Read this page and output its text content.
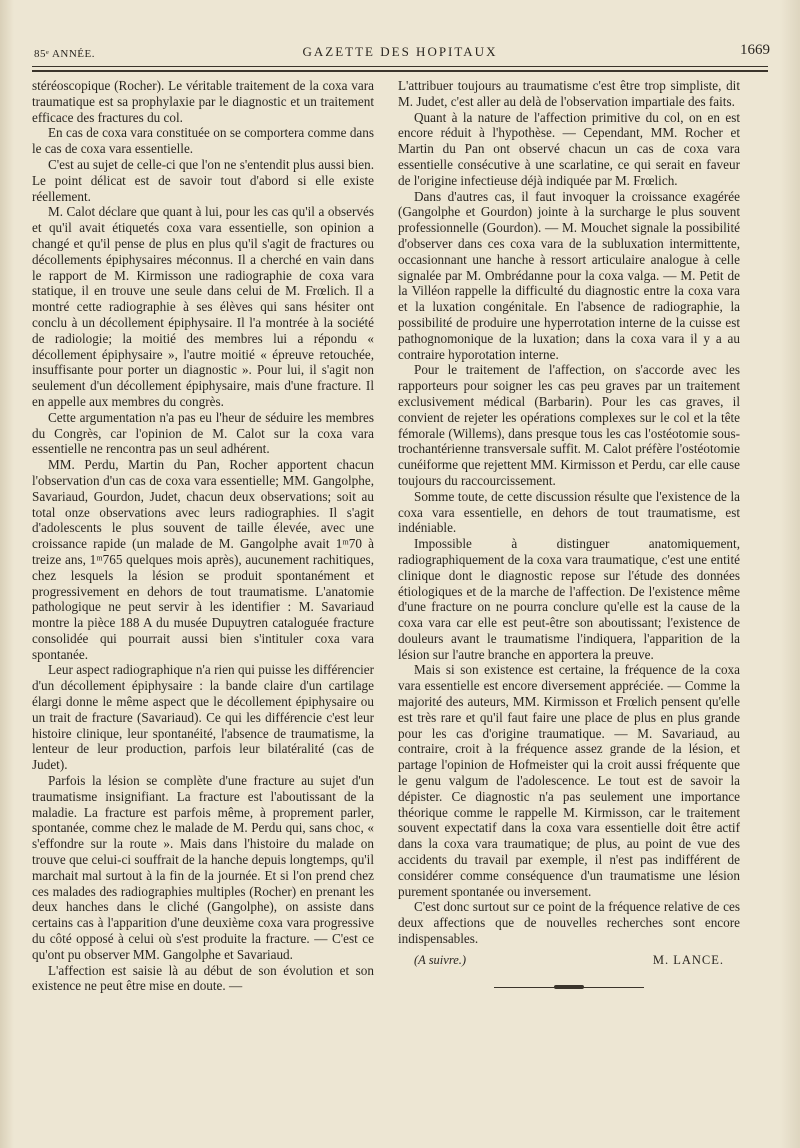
85ᵉ ANNÉE.	GAZETTE DES HOPITAUX	1669

stéréoscopique (Rocher). Le véritable traitement de la coxa vara traumatique est sa prophylaxie par le diagnostic et un traitement efficace des fractures du col.

En cas de coxa vara constituée on se comportera comme dans le cas de coxa vara essentielle.

C'est au sujet de celle-ci que l'on ne s'entendit plus aussi bien. Le point délicat est de savoir tout d'abord si elle existe réellement.

M. Calot déclare que quant à lui, pour les cas qu'il a observés et qu'il avait étiquetés coxa vara essentielle, son opinion a changé et qu'il pense de plus en plus qu'il s'agit de fractures ou décollements épiphysaires méconnus. Il a cherché en vain dans le rapport de M. Kirmisson une radiographie de coxa vara statique, il en trouve une seule dans celui de M. Frœlich. Il a montré cette radiographie à ses élèves qui sans hésiter ont conclu à un décollement épiphysaire. Il l'a montrée à la société de radiologie; la moitié des membres lui a répondu « décollement épiphysaire », l'autre moitié « épreuve retouchée, insuffisante pour porter un diagnostic ». Pour lui, il s'agit non seulement d'un décollement épiphysaire, mais d'une fracture. Il en appelle aux membres du congrès.

Cette argumentation n'a pas eu l'heur de séduire les membres du Congrès, car l'opinion de M. Calot sur la coxa vara essentielle ne rencontra pas un seul adhérent.

MM. Perdu, Martin du Pan, Rocher apportent chacun l'observation d'un cas de coxa vara essentielle; MM. Gangolphe, Savariaud, Gourdon, Judet, chacun deux observations; soit au total onze observations avec leurs radiographies. Il s'agit d'adolescents le plus souvent de taille élevée, avec une croissance rapide (un malade de M. Gangolphe avait 1ᵐ70 à treize ans, 1ᵐ765 quelques mois après), aucunement rachitiques, chez lesquels la lésion se produit spontanément et progressivement en dehors de tout traumatisme. L'anatomie pathologique ne peut servir à les identifier : M. Savariaud montre la pièce 188 A du musée Dupuytren cataloguée fracture consolidée qui pourrait aussi bien s'intituler coxa vara spontanée.

Leur aspect radiographique n'a rien qui puisse les différencier d'un décollement épiphysaire : la bande claire d'un cartilage élargi donne le même aspect que le décollement épiphysaire ou un trait de fracture (Savariaud). Ce qui les différencie c'est leur histoire clinique, leur spontanéité, l'absence de traumatisme, la lenteur de leur production, parfois leur bilatéralité (cas de Judet).

Parfois la lésion se complète d'une fracture au sujet d'un traumatisme insignifiant. La fracture est l'aboutissant de la maladie. La fracture est parfois même, à proprement parler, spontanée, comme chez le malade de M. Perdu qui, sans choc, « s'effondre sur la route ». Mais dans l'histoire du malade on trouve que celui-ci souffrait de la hanche depuis longtemps, qu'il marchait mal surtout à la fin de la journée. Et si l'on prend chez ces malades des radiographies multiples (Rocher) en prenant les deux hanches dans le cliché (Gangolphe), on assiste dans certains cas à l'apparition d'une deuxième coxa vara progressive du côté opposé à celui où s'est produite la fracture. — C'est ce qu'ont pu observer MM. Gangolphe et Savariaud.

L'affection est saisie là au début de son évolution et son existence ne peut être mise en doute. —

L'attribuer toujours au traumatisme c'est être trop simpliste, dit M. Judet, c'est aller au delà de l'observation impartiale des faits.

Quant à la nature de l'affection primitive du col, on en est encore réduit à l'hypothèse. — Cependant, MM. Rocher et Martin du Pan ont observé chacun un cas de coxa vara essentielle consécutive à une scarlatine, ce qui serait en faveur de l'origine infectieuse déjà indiquée par M. Frœlich.

Dans d'autres cas, il faut invoquer la croissance exagérée (Gangolphe et Gourdon) jointe à la surcharge le plus souvent professionnelle (Gourdon). — M. Mouchet signale la possibilité d'observer dans ces coxa vara de la subluxation intermittente, occasionnant une hanche à ressort articulaire analogue à celle signalée par M. Ombrédanne pour la coxa valga. — M. Petit de la Villéon rappelle la difficulté du diagnostic entre la coxa vara et la luxation congénitale. En l'absence de radiographie, la possibilité de produire une hyperrotation interne de la cuisse est pathognomonique de la luxation; dans la coxa vara il y a au contraire hyporotation interne.

Pour le traitement de l'affection, on s'accorde avec les rapporteurs pour soigner les cas peu graves par un traitement exclusivement médical (Barbarin). Pour les cas graves, il convient de rejeter les opérations complexes sur le col et la tête fémorale (Willems), dans presque tous les cas l'ostéotomie sous-trochantérienne transversale suffit. M. Calot préfère l'ostéotomie cunéiforme que rejettent MM. Kirmisson et Perdu, car elle cause toujours du raccourcissement.

Somme toute, de cette discussion résulte que l'existence de la coxa vara essentielle, en dehors de tout traumatisme, est indéniable.

Impossible à distinguer anatomiquement, radiographiquement de la coxa vara traumatique, c'est une entité clinique dont le diagnostic repose sur l'étude des données étiologiques et de la marche de l'affection. De l'existence même d'une fracture on ne pourra conclure qu'elle est la cause de la coxa vara car elle est peut-être son aboutissant; l'existence de douleurs avant le traumatisme l'indiquera, l'apparition de la lésion sur l'autre branche en apportera la preuve.

Mais si son existence est certaine, la fréquence de la coxa vara essentielle est encore diversement appréciée. — Comme la majorité des auteurs, MM. Kirmisson et Frœlich pensent qu'elle est très rare et qu'il faut faire une place de plus en plus grande pour les cas d'origine traumatique. — M. Savariaud, au contraire, croit à la fréquence assez grande de la lésion, et partage l'opinion de Hofmeister qui la croit aussi fréquente que le genu valgum de l'adolescence. Le tout est de savoir la dépister. Ce diagnostic n'a pas seulement une importance théorique comme le rappelle M. Kirmisson, car le traitement souvent expectatif dans la coxa vara essentielle doit être actif dans la coxa vara traumatique; de plus, au point de vue des accidents du travail par exemple, il n'est pas indifférent de considérer comme conséquence d'un traumatisme une lésion purement spontanée ou inversement.

C'est donc surtout sur ce point de la fréquence relative de ces deux affections que de nouvelles recherches sont encore indispensables.

(A suivre.)	M. LANCE.
